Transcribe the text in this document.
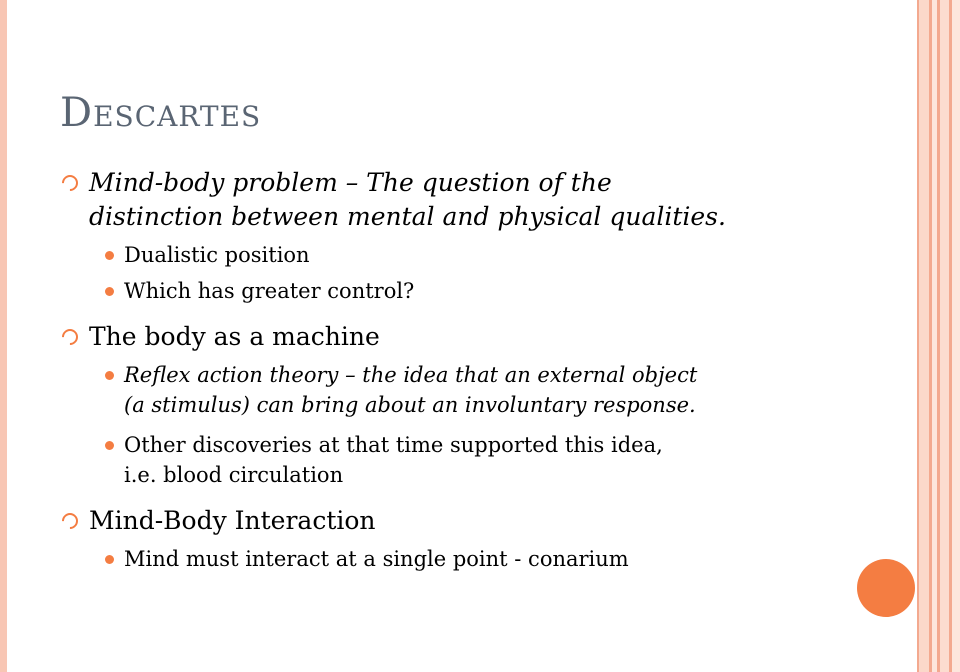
Descartes
Mind-body problem – The question of the
distinction between mental and physical qualities.
Dualistic position
Which has greater control?
The body as a machine
Reflex action theory – the idea that an external object
(a stimulus) can bring about an involuntary response.
Other discoveries at that time supported this idea,
i.e. blood circulation
Mind-Body Interaction
Mind must interact at a single point - conarium
